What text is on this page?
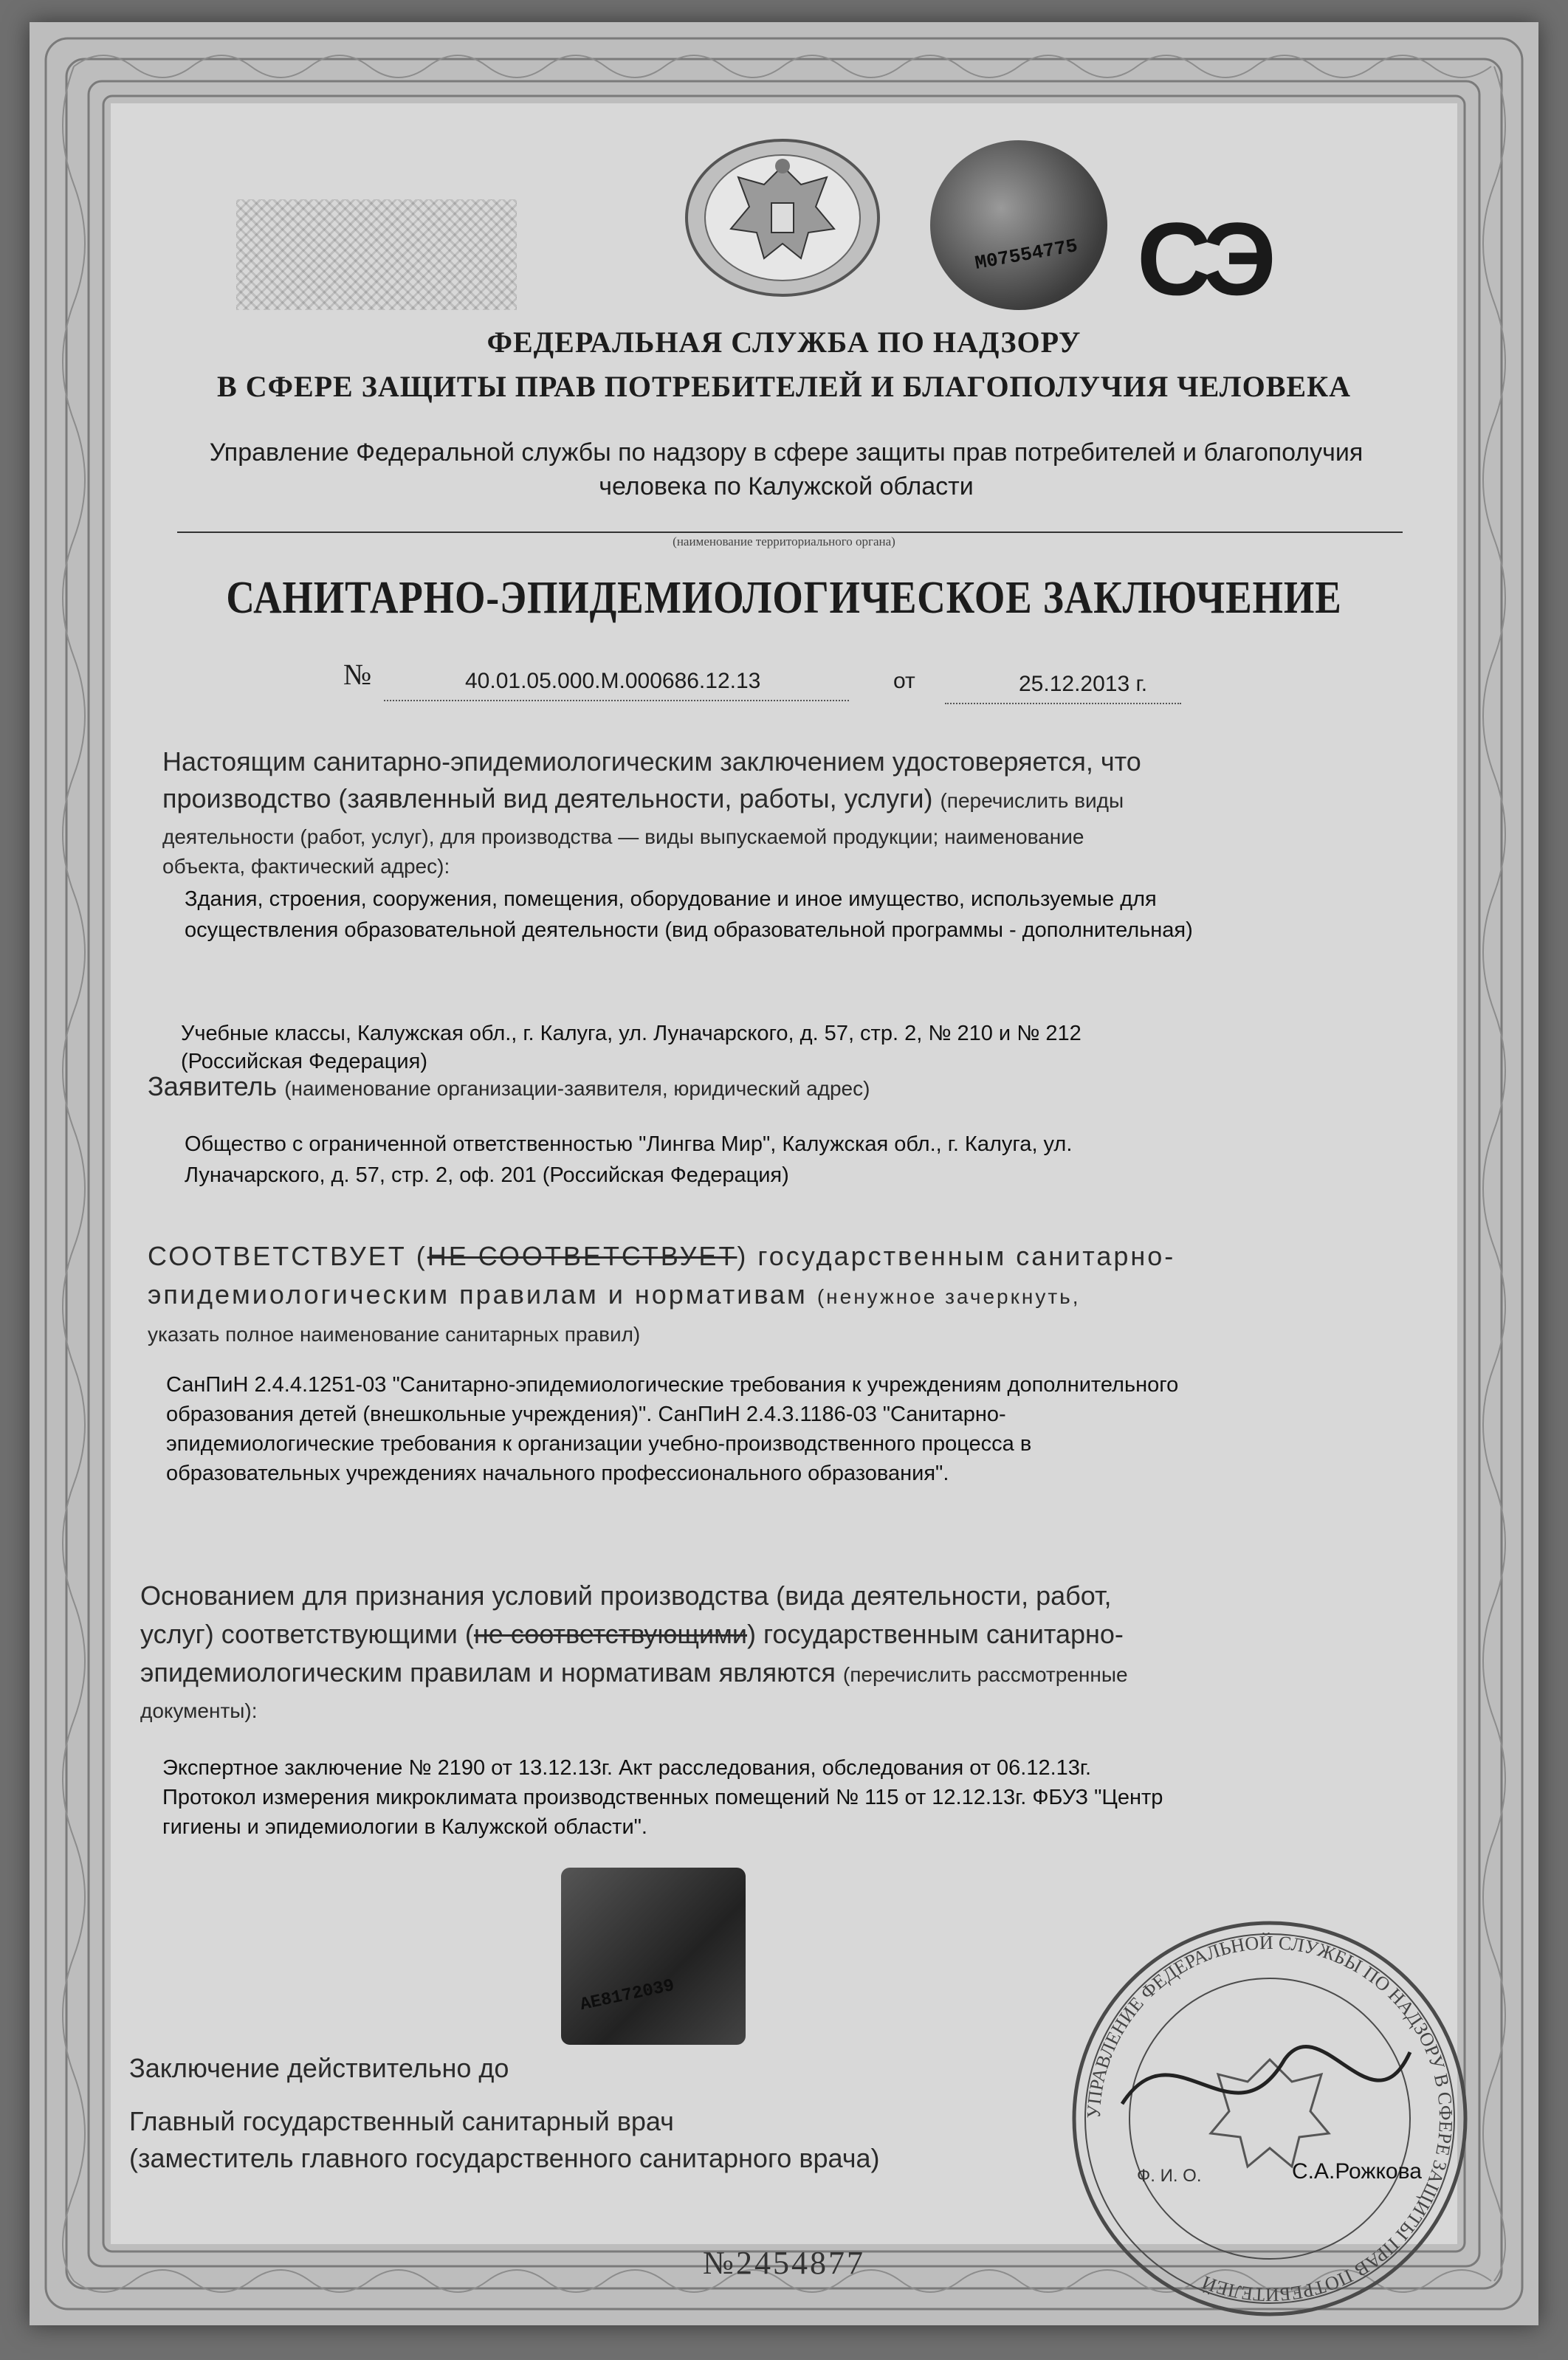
M07554775 СЭ
ФЕДЕРАЛЬНАЯ СЛУЖБА ПО НАДЗОРУ
В СФЕРЕ ЗАЩИТЫ ПРАВ ПОТРЕБИТЕЛЕЙ И БЛАГОПОЛУЧИЯ ЧЕЛОВЕКА
Управление Федеральной службы по надзору в сфере защиты прав потребителей и благополучия
человека по Калужской области
(наименование территориального органа)
САНИТАРНО-ЭПИДЕМИОЛОГИЧЕСКОЕ ЗАКЛЮЧЕНИЕ
№	40.01.05.000.М.000686.12.13	от	25.12.2013 г.
Настоящим санитарно-эпидемиологическим заключением удостоверяется, что
производство (заявленный вид деятельности, работы, услуги) (перечислить виды
деятельности (работ, услуг), для производства — виды выпускаемой продукции; наименование
объекта, фактический адрес):
Здания, строения, сооружения, помещения, оборудование и иное имущество, используемые для
осуществления образовательной деятельности (вид образовательной программы - дополнительная)
Учебные классы, Калужская обл., г. Калуга, ул. Луначарского, д. 57, стр. 2, № 210 и № 212
(Российская Федерация)
Заявитель (наименование организации-заявителя, юридический адрес)
Общество с ограниченной ответственностью "Лингва Мир", Калужская обл., г. Калуга, ул.
Луначарского, д. 57, стр. 2, оф. 201 (Российская Федерация)
СООТВЕТСТВУЕТ (НЕ СООТВЕТСТВУЕТ) государственным санитарно-
эпидемиологическим правилам и нормативам (ненужное зачеркнуть,
указать полное наименование санитарных правил)
СанПиН 2.4.4.1251-03 "Санитарно-эпидемиологические требования к учреждениям дополнительного
образования детей (внешкольные учреждения)". СанПиН 2.4.3.1186-03 "Санитарно-
эпидемиологические требования к организации учебно-производственного процесса в
образовательных учреждениях начального профессионального образования".
Основанием для признания условий производства (вида деятельности, работ,
услуг) соответствующими (не соответствующими) государственным санитарно-
эпидемиологическим правилам и нормативам являются (перечислить рассмотренные
документы):
Экспертное заключение № 2190 от 13.12.13г. Акт расследования, обследования от 06.12.13г.
Протокол измерения микроклимата производственных помещений № 115 от 12.12.13г. ФБУЗ "Центр
гигиены и эпидемиологии в Калужской области".
AE8172039
УПРАВЛЕНИЕ ФЕДЕРАЛЬНОЙ СЛУЖБЫ ПО НАДЗОРУ В СФЕРЕ ЗАЩИТЫ ПРАВ ПОТРЕБИТЕЛЕЙ
Заключение действительно до
Главный государственный санитарный врач
(заместитель главного государственного санитарного врача)
Ф. И. О.	С.А.Рожкова
№2454877
